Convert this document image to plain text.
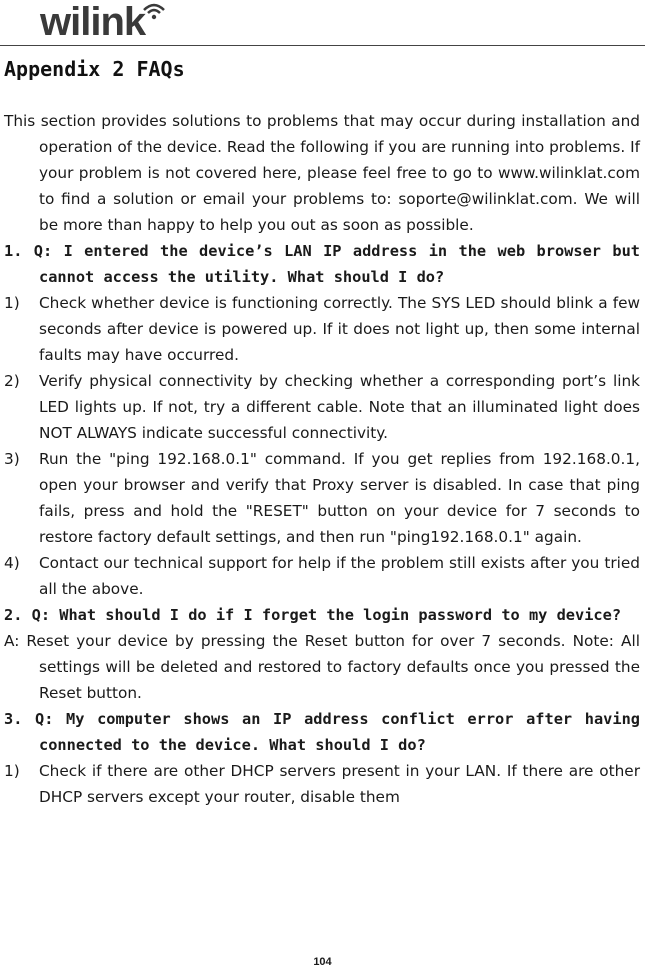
wilink
Appendix 2 FAQs

This section provides solutions to problems that may occur during installation and operation of the device. Read the following if you are running into problems. If your problem is not covered here, please feel free to go to www.wilinklat.com to find a solution or email your problems to: soporte@wilinklat.com. We will be more than happy to help you out as soon as possible.

1. Q: I entered the device’s LAN IP address in the web browser but cannot access the utility. What should I do?

1) Check whether device is functioning correctly. The SYS LED should blink a few seconds after device is powered up. If it does not light up, then some internal faults may have occurred.
2) Verify physical connectivity by checking whether a corresponding port’s link LED lights up. If not, try a different cable. Note that an illuminated light does NOT ALWAYS indicate successful connectivity.
3) Run the "ping 192.168.0.1" command. If you get replies from 192.168.0.1, open your browser and verify that Proxy server is disabled. In case that ping fails, press and hold the "RESET" button on your device for 7 seconds to restore factory default settings, and then run "ping192.168.0.1" again.
4) Contact our technical support for help if the problem still exists after you tried all the above.

2. Q: What should I do if I forget the login password to my device?

A: Reset your device by pressing the Reset button for over 7 seconds. Note: All settings will be deleted and restored to factory defaults once you pressed the Reset button.

3. Q: My computer shows an IP address conflict error after having connected to the device. What should I do?

1) Check if there are other DHCP servers present in your LAN. If there are other DHCP servers except your router, disable them
104
